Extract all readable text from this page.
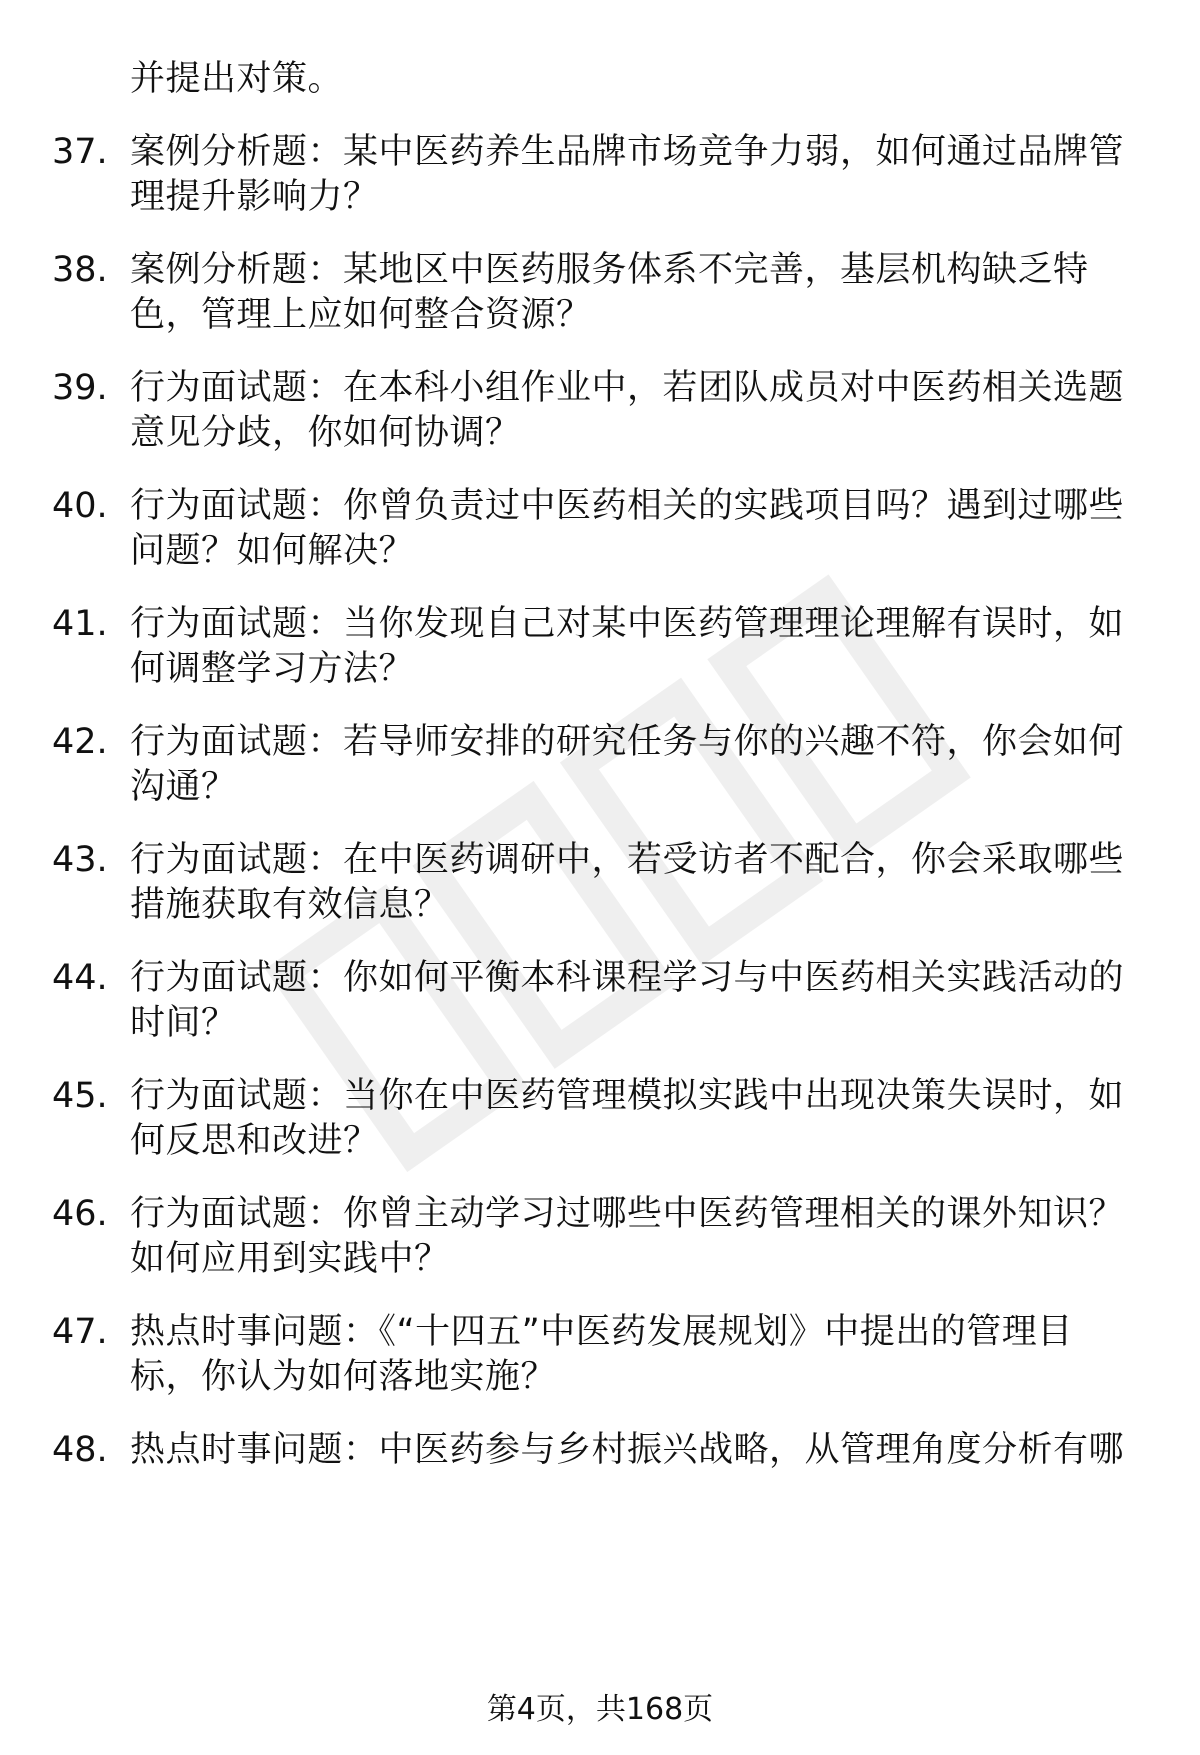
并提出对策。
37. 案例分析题：某中医药养生品牌市场竞争力弱，如何通过品牌管
理提升影响力？
38. 案例分析题：某地区中医药服务体系不完善，基层机构缺乏特
色，管理上应如何整合资源？
39. 行为面试题：在本科小组作业中，若团队成员对中医药相关选题
意见分歧，你如何协调？
40. 行为面试题：你曾负责过中医药相关的实践项目吗？遇到过哪些
问题？如何解决？
41. 行为面试题：当你发现自己对某中医药管理理论理解有误时，如
何调整学习方法？
42. 行为面试题：若导师安排的研究任务与你的兴趣不符，你会如何
沟通？
43. 行为面试题：在中医药调研中，若受访者不配合，你会采取哪些
措施获取有效信息？
44. 行为面试题：你如何平衡本科课程学习与中医药相关实践活动的
时间？
45. 行为面试题：当你在中医药管理模拟实践中出现决策失误时，如
何反思和改进？
46. 行为面试题：你曾主动学习过哪些中医药管理相关的课外知识？
如何应用到实践中？
47. 热点时事问题：《“十四五”中医药发展规划》中提出的管理目
标，你认为如何落地实施？
48. 热点时事问题：中医药参与乡村振兴战略，从管理角度分析有哪
第4页，共168页
